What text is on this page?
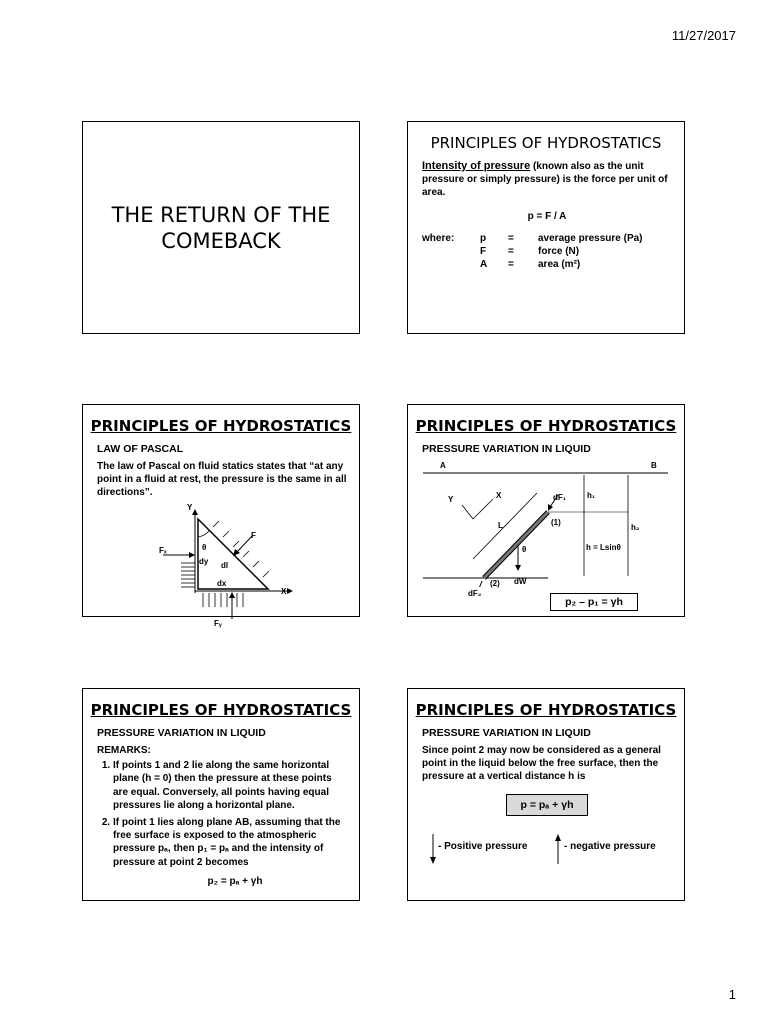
11/27/2017
THE RETURN OF THE
COMEBACK
PRINCIPLES OF HYDROSTATICS
Intensity of pressure (known also as the unit pressure or simply pressure) is the force per unit of area.
p = F / A
where:	p	=	average pressure (Pa)
F	=	force (N)
A	=	area (m²)
PRINCIPLES OF HYDROSTATICS
LAW OF PASCAL
The law of Pascal on fluid statics states that “at any point in a fluid at rest, the pressure is the same in all directions”.
Y
X
Fₓ
Fᵧ
F
θ
dy dl
dx
PRINCIPLES OF HYDROSTATICS
PRESSURE VARIATION IN LIQUID
A	B
Y	X
L
dF₁
(1)
(2) dW
dF₂
θ
h₁
h₂
h = Lsinθ
p₂ – p₁ = γh
PRINCIPLES OF HYDROSTATICS
PRESSURE VARIATION IN LIQUID
REMARKS:
1. If points 1 and 2 lie along the same horizontal plane (h = 0) then the pressure at these points are equal. Conversely, all points having equal pressures lie along a horizontal plane.
2. If point 1 lies along plane AB, assuming that the free surface is exposed to the atmospheric pressure pₐ, then p₁ = pₐ and the intensity of pressure at point 2 becomes
p₂ = pₐ + γh
PRINCIPLES OF HYDROSTATICS
PRESSURE VARIATION IN LIQUID
Since point 2 may now be considered as a general point in the liquid below the free surface, then the pressure at a vertical distance h is
p = pₐ + γh
- Positive pressure	- negative pressure
1
